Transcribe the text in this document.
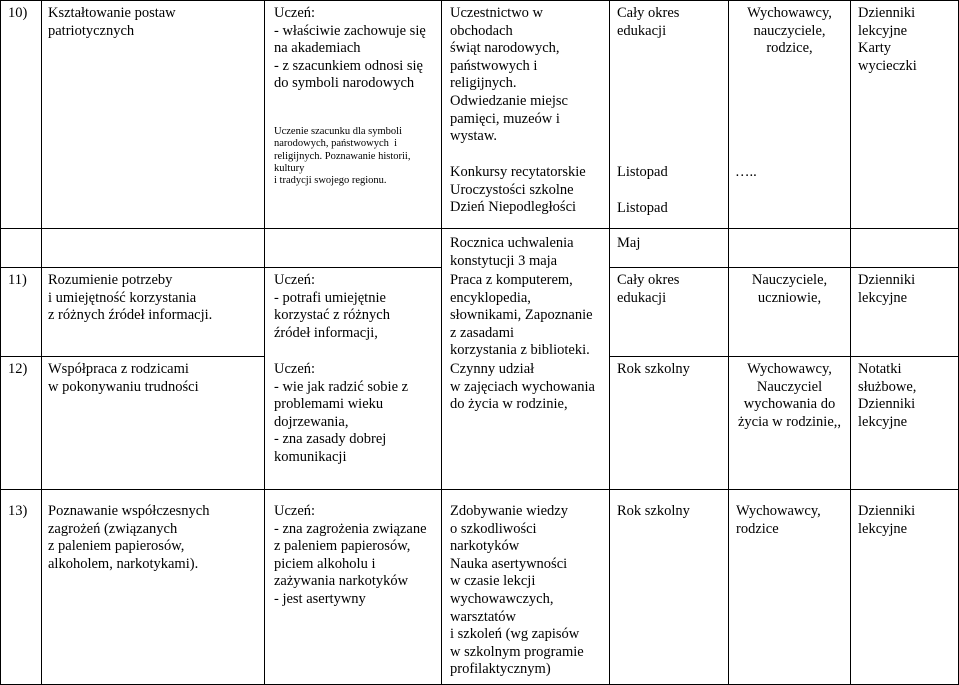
10) Kształtowanie postaw
patriotycznych
Uczeń:
- właściwie zachowuje się
na akademiach
- z szacunkiem odnosi się
do symboli narodowych
Uczenie szacunku dla symboli
narodowych, państwowych  i
religijnych. Poznawanie historii,
kultury
i tradycji swojego regionu.
Uczestnictwo w
obchodach
świąt narodowych,
państwowych i
religijnych.
Odwiedzanie miejsc
pamięci, muzeów i
wystaw.
Konkursy recytatorskie
Uroczystości szkolne
Dzień Niepodległości
Rocznica uchwalenia
konstytucji 3 maja
Cały okres
edukacji
Listopad
Listopad
Maj
Wychowawcy,
nauczyciele,
rodzice,
…..
Dzienniki
lekcyjne
Karty
wycieczki
11) Rozumienie potrzeby
i umiejętność korzystania
z różnych źródeł informacji.
Uczeń:
- potrafi umiejętnie
korzystać z różnych
źródeł informacji,
Praca z komputerem,
encyklopedia,
słownikami, Zapoznanie
z zasadami
korzystania z biblioteki.
Cały okres
edukacji
Nauczyciele,
uczniowie,
Dzienniki
lekcyjne
12) Współpraca z rodzicami
w pokonywaniu trudności
Uczeń:
- wie jak radzić sobie z
problemami wieku
dojrzewania,
- zna zasady dobrej
komunikacji
Czynny udział
w zajęciach wychowania
do życia w rodzinie,
Rok szkolny	Wychowawcy,
Nauczyciel
wychowania do
życia w rodzinie,,
Notatki
służbowe,
Dzienniki
lekcyjne
13) Poznawanie współczesnych
zagrożeń (związanych
z paleniem papierosów,
alkoholem, narkotykami).
Uczeń:
- zna zagrożenia związane
z paleniem papierosów,
piciem alkoholu i
zażywania narkotyków
- jest asertywny
Zdobywanie wiedzy
o szkodliwości
narkotyków
Nauka asertywności
w czasie lekcji
wychowawczych,
warsztatów
i szkoleń (wg zapisów
w szkolnym programie
profilaktycznym)
Rok szkolny	Wychowawcy,
rodzice
Dzienniki
lekcyjne
